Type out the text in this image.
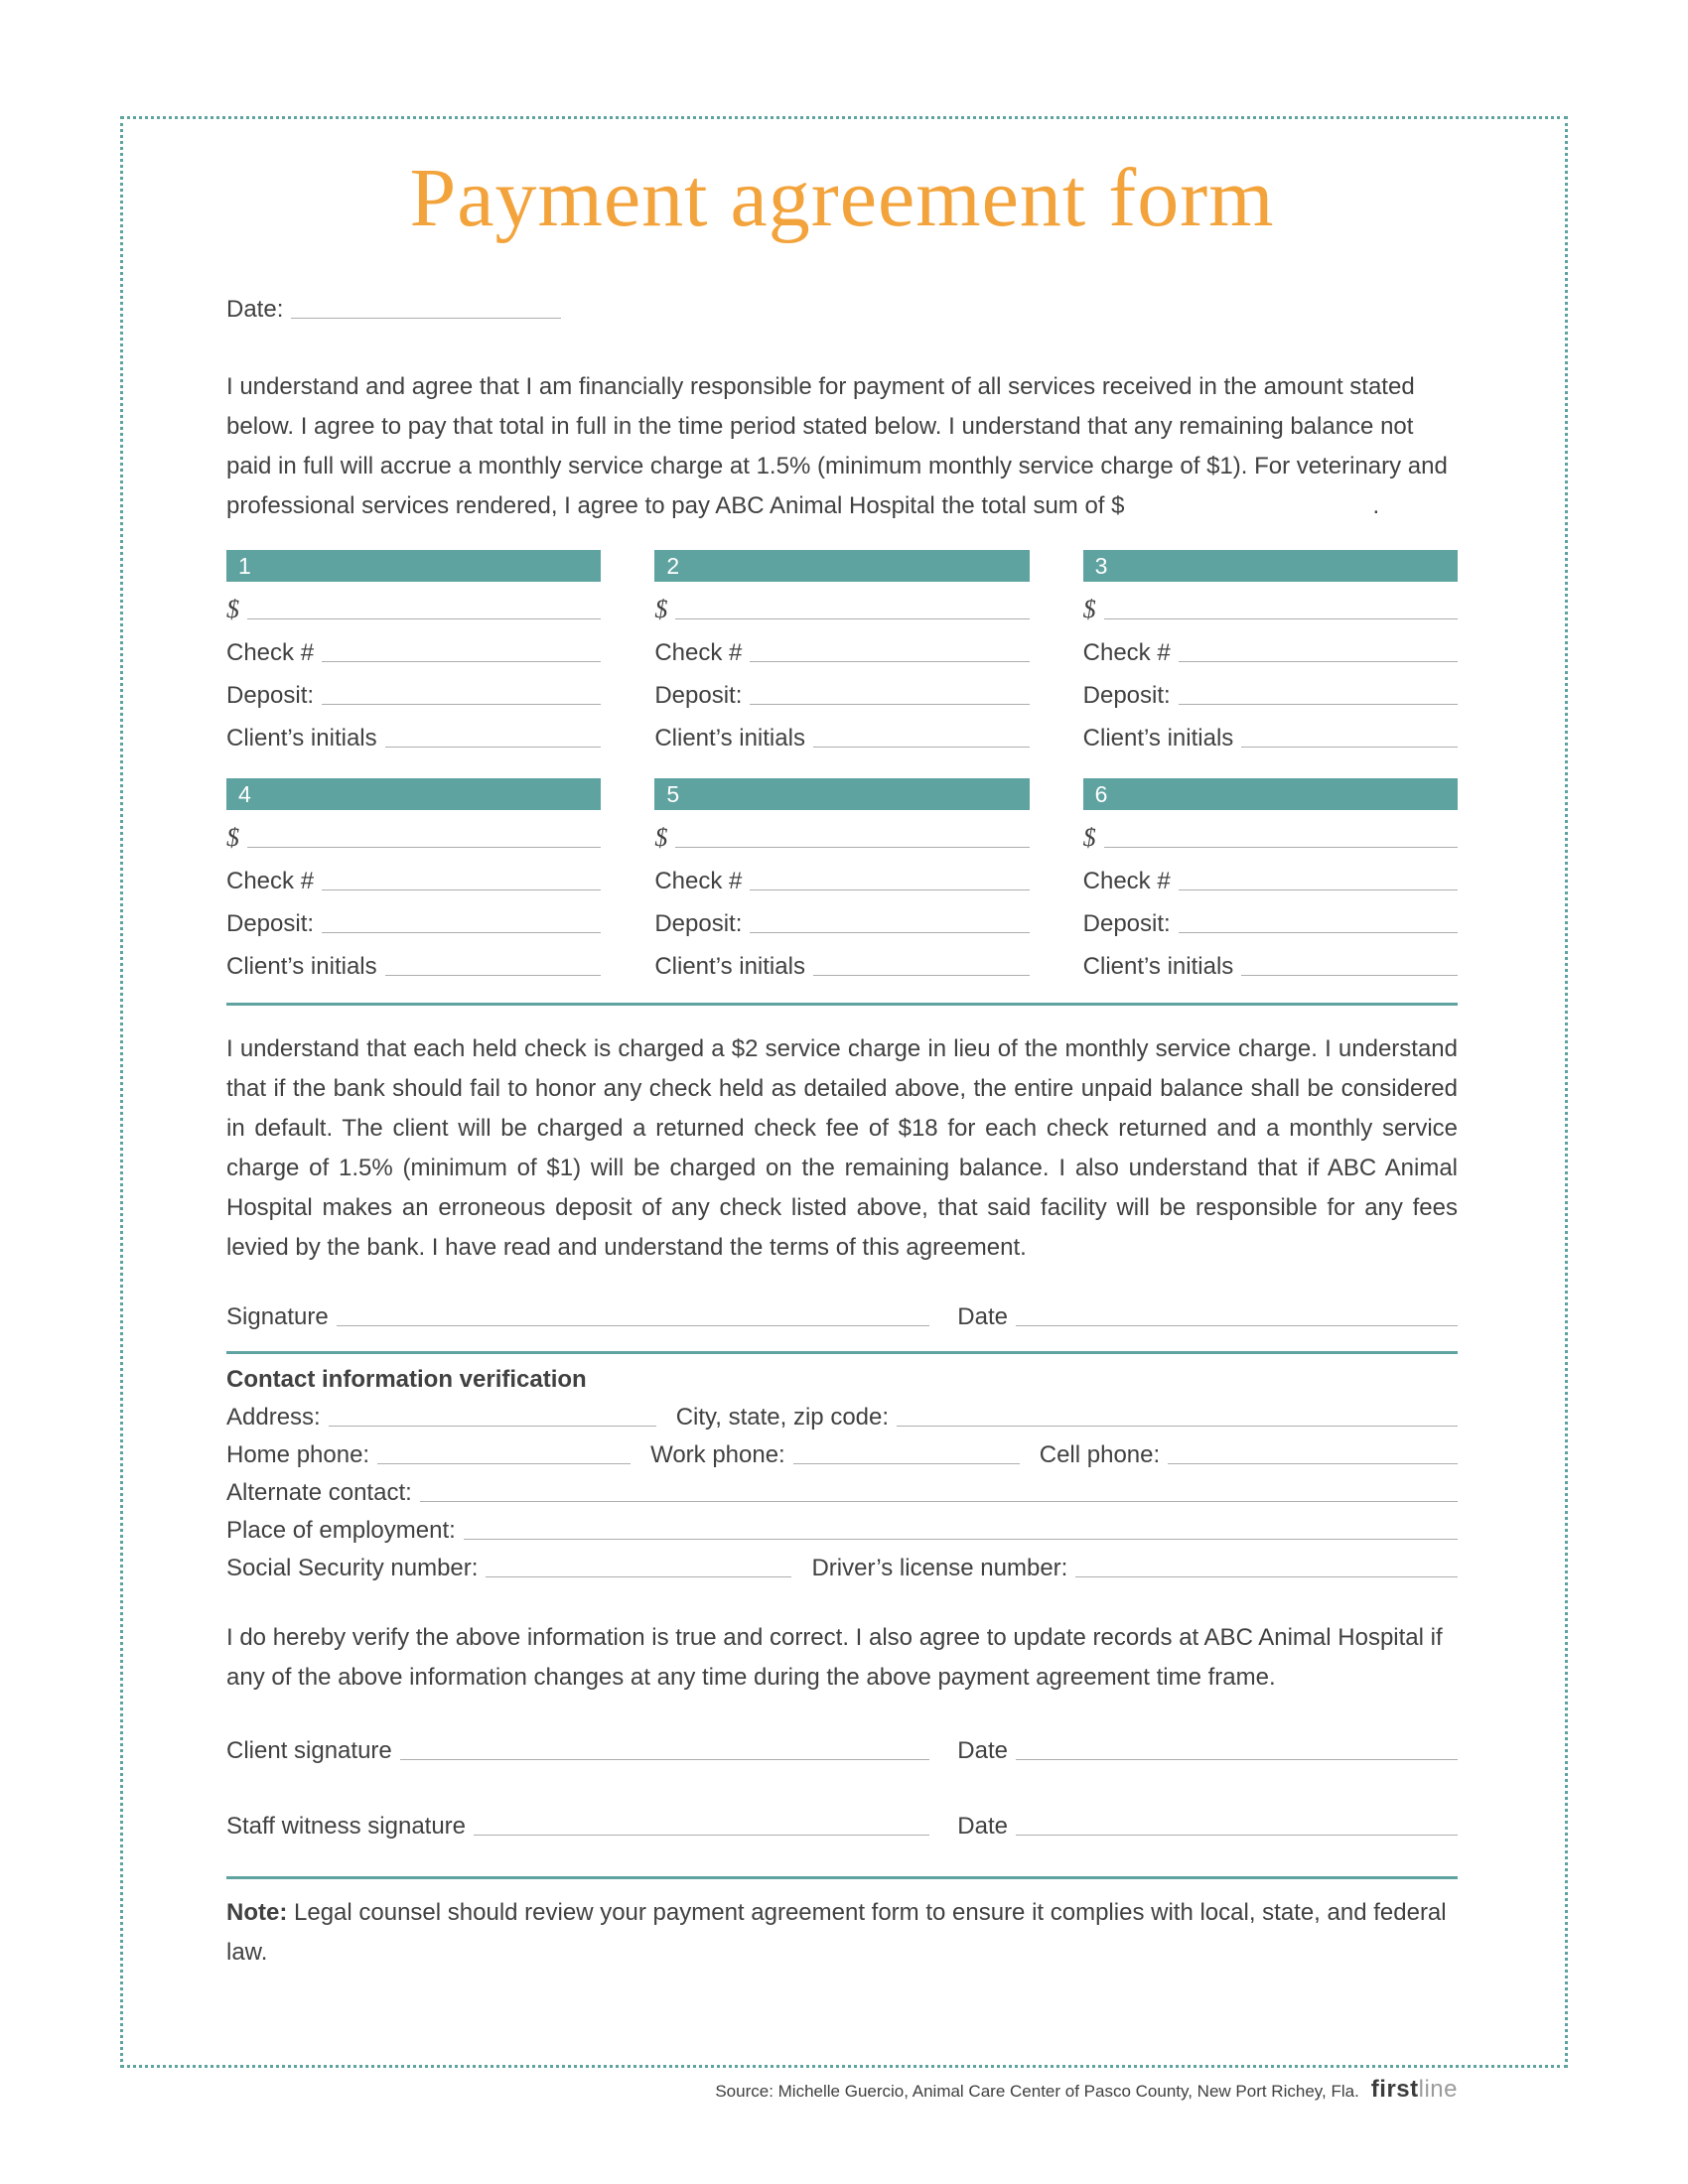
Payment agreement form
Date:

I understand and agree that I am financially responsible for payment of all services received in the amount stated below. I agree to pay that total in full in the time period stated below. I understand that any remaining balance not paid in full will accrue a monthly service charge at 1.5% (minimum monthly service charge of $1). For veterinary and professional services rendered, I agree to pay ABC Animal Hospital the total sum of $	.

1
$
Check #
Deposit:
Client’s initials
2
$
Check #
Deposit:
Client’s initials
3
$
Check #
Deposit:
Client’s initials
4
$
Check #
Deposit:
Client’s initials
5
$
Check #
Deposit:
Client’s initials
6
$
Check #
Deposit:
Client’s initials

I understand that each held check is charged a $2 service charge in lieu of the monthly service charge. I understand that if the bank should fail to honor any check held as detailed above, the entire unpaid balance shall be considered in default. The client will be charged a returned check fee of $18 for each check returned and a monthly service charge of 1.5% (minimum of $1) will be charged on the remaining balance. I also understand that if ABC Animal Hospital makes an erroneous deposit of any check listed above, that said facility will be responsible for any fees levied by the bank. I have read and understand the terms of this agreement.

Signature	Date
Contact information verification
Address:	City, state, zip code:
Home phone:	Work phone:	Cell phone:
Alternate contact:
Place of employment:
Social Security number:	Driver’s license number:

I do hereby verify the above information is true and correct. I also agree to update records at ABC Animal Hospital if any of the above information changes at any time during the above payment agreement time frame.

Client signature	Date
Staff witness signature	Date

Note: Legal counsel should review your payment agreement form to ensure it complies with local, state, and federal law.

Source: Michelle Guercio, Animal Care Center of Pasco County, New Port Richey, Fla. firstline
